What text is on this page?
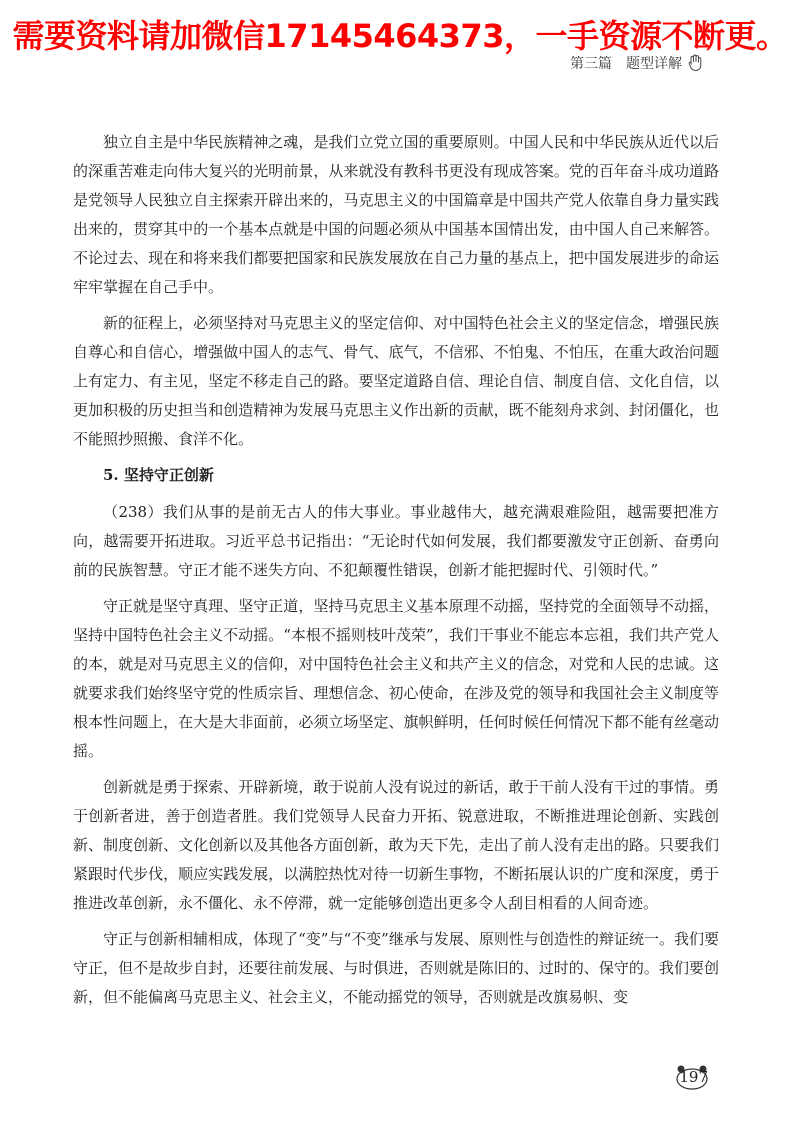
需要资料请加微信17145464373，一手资源不断更。
第三篇 题型详解

独立自主是中华民族精神之魂，是我们立党立国的重要原则。中国人民和中华民族从近代以后的深重苦难走向伟大复兴的光明前景，从来就没有教科书更没有现成答案。党的百年奋斗成功道路是党领导人民独立自主探索开辟出来的，马克思主义的中国篇章是中国共产党人依靠自身力量实践出来的，贯穿其中的一个基本点就是中国的问题必须从中国基本国情出发，由中国人自己来解答。不论过去、现在和将来我们都要把国家和民族发展放在自己力量的基点上，把中国发展进步的命运牢牢掌握在自己手中。

新的征程上，必须坚持对马克思主义的坚定信仰、对中国特色社会主义的坚定信念，增强民族自尊心和自信心，增强做中国人的志气、骨气、底气，不信邪、不怕鬼、不怕压，在重大政治问题上有定力、有主见，坚定不移走自己的路。要坚定道路自信、理论自信、制度自信、文化自信，以更加积极的历史担当和创造精神为发展马克思主义作出新的贡献，既不能刻舟求剑、封闭僵化，也不能照抄照搬、食洋不化。

5. 坚持守正创新

（238）我们从事的是前无古人的伟大事业。事业越伟大，越充满艰难险阻，越需要把准方向，越需要开拓进取。习近平总书记指出：“无论时代如何发展，我们都要激发守正创新、奋勇向前的民族智慧。守正才能不迷失方向、不犯颠覆性错误，创新才能把握时代、引领时代。”

守正就是坚守真理、坚守正道，坚持马克思主义基本原理不动摇，坚持党的全面领导不动摇，坚持中国特色社会主义不动摇。“本根不摇则枝叶茂荣”，我们干事业不能忘本忘祖，我们共产党人的本，就是对马克思主义的信仰，对中国特色社会主义和共产主义的信念，对党和人民的忠诚。这就要求我们始终坚守党的性质宗旨、理想信念、初心使命，在涉及党的领导和我国社会主义制度等根本性问题上，在大是大非面前，必须立场坚定、旗帜鲜明，任何时候任何情况下都不能有丝毫动摇。

创新就是勇于探索、开辟新境，敢于说前人没有说过的新话，敢于干前人没有干过的事情。勇于创新者进，善于创造者胜。我们党领导人民奋力开拓、锐意进取，不断推进理论创新、实践创新、制度创新、文化创新以及其他各方面创新，敢为天下先，走出了前人没有走出的路。只要我们紧跟时代步伐，顺应实践发展，以满腔热忱对待一切新生事物，不断拓展认识的广度和深度，勇于推进改革创新，永不僵化、永不停滞，就一定能够创造出更多令人刮目相看的人间奇迹。

守正与创新相辅相成，体现了“变”与“不变”继承与发展、原则性与创造性的辩证统一。我们要守正，但不是故步自封，还要往前发展、与时俱进，否则就是陈旧的、过时的、保守的。我们要创新，但不能偏离马克思主义、社会主义，不能动摇党的领导，否则就是改旗易帜、变

197
